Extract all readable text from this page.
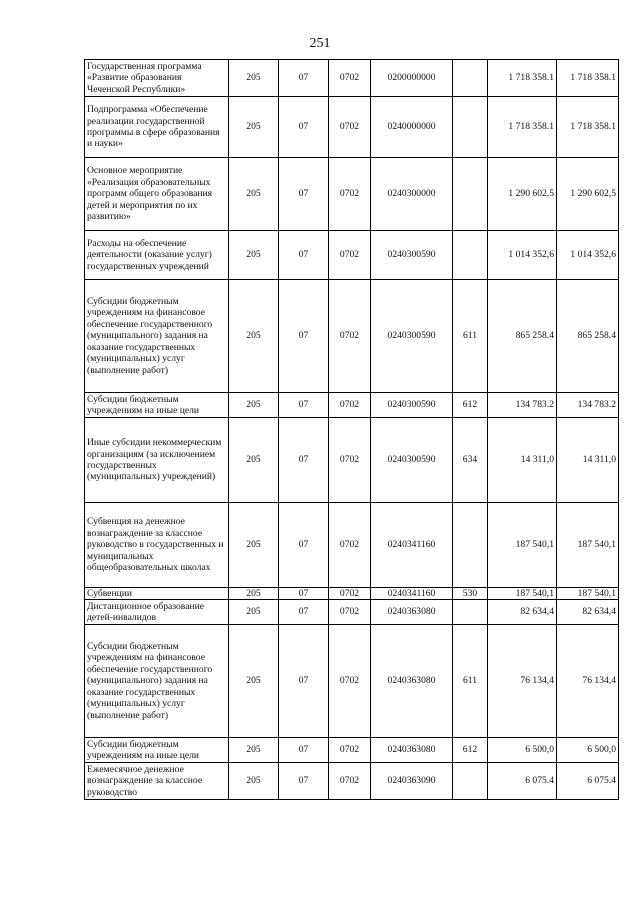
251
Государственная программа «Развитие образования Чеченской Республики»	205	07	0702	0200000000		1 718 358.1	1 718 358.1
Подпрограмма «Обеспечение реализации государственной программы в сфере образования и науки»	205	07	0702	0240000000		1 718 358.1	1 718 358.1
Основное мероприятие «Реализация образовательных программ общего образования детей и мероприятия по их развитию»	205	07	0702	0240300000		1 290 602,5	1 290 602,5
Расходы на обеспечение деятельности (оказание услуг) государственных учреждений	205	07	0702	0240300590		1 014 352,6	1 014 352,6
Субсидии бюджетным учреждениям на финансовое обеспечение государственного (муниципального) задания на оказание государственных (муниципальных) услуг (выполнение работ)	205	07	0702	0240300590	611	865 258.4	865 258.4
Субсидии бюджетным учреждениям на иные цели	205	07	0702	0240300590	612	134 783.2	134 783.2
Иные субсидии некоммерческим организациям (за исключением государственных (муниципальных) учреждений)	205	07	0702	0240300590	634	14 311,0	14 311,0
Субвенция на денежное вознаграждение за классное руководство в государственных и муниципальных общеобразовательных школах	205	07	0702	0240341160		187 540,1	187 540,1
Субвенции	205	07	0702	0240341160	530	187 540,1	187 540,1
Дистанционное образование детей-инвалидов	205	07	0702	0240363080		82 634,4	82 634,4
Субсидии бюджетным учреждениям на финансовое обеспечение государственного (муниципального) задания на оказание государственных (муниципальных) услуг (выполнение работ)	205	07	0702	0240363080	611	76 134,4	76 134,4
Субсидии бюджетным учреждениям на иные цели	205	07	0702	0240363080	612	6 500,0	6 500,0
Ежемесячное денежное вознаграждение за классное руководство	205	07	0702	0240363090		6 075.4	6 075.4
